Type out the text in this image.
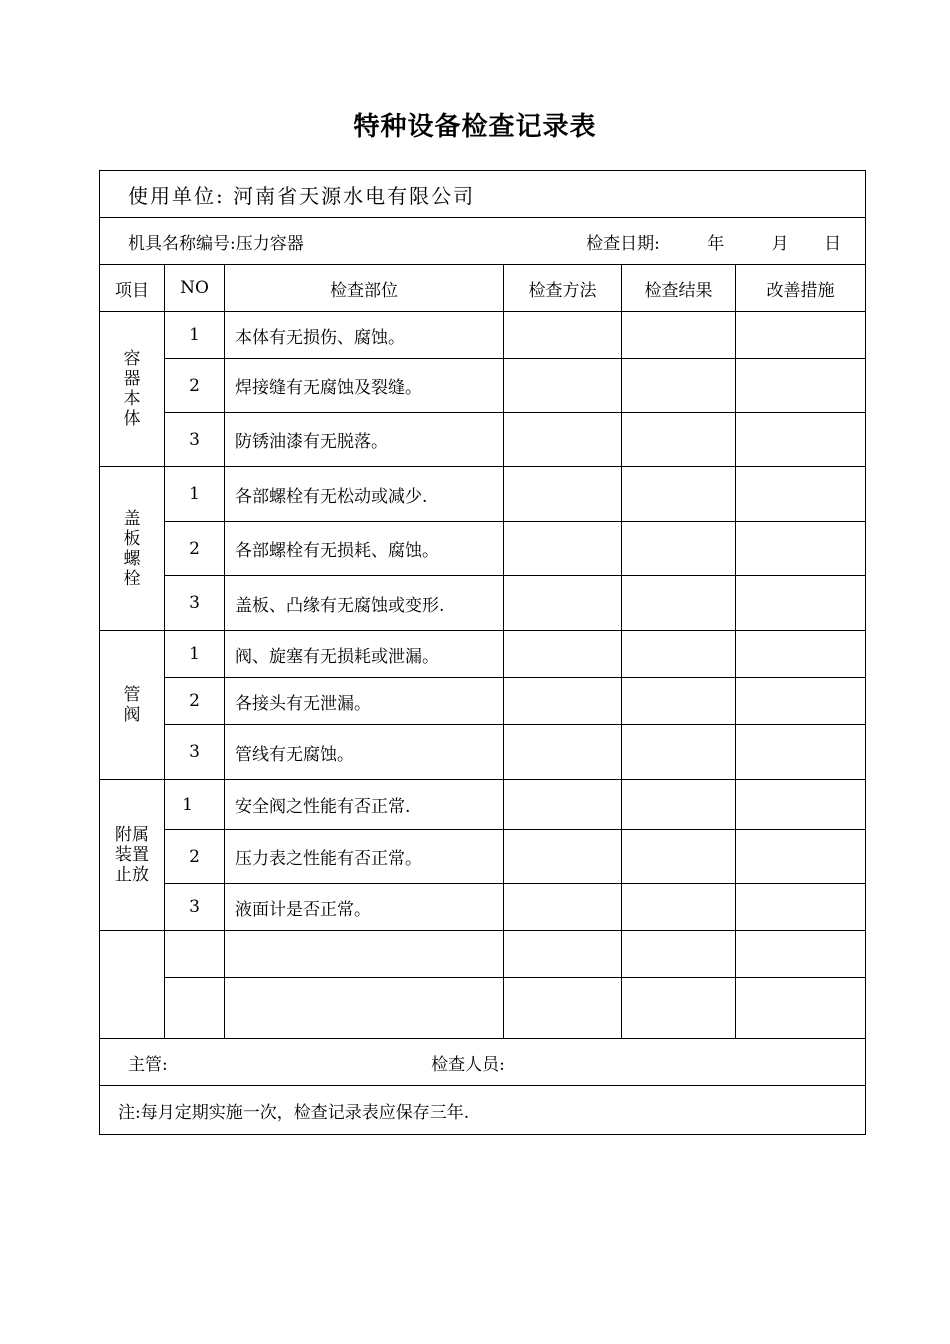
特种设备检查记录表
使用单位: 河南省天源水电有限公司					
机具名称编号:压力容器 检查日期: 年 月 日					

项目	NO	检查部位	检查方法	检查结果	改善措施
容器本体	1	本体有无损伤、腐蚀。			
	2	焊接缝有无腐蚀及裂缝。			
	3	防锈油漆有无脱落。			
盖板螺栓	1	各部螺栓有无松动或减少.			
	2	各部螺栓有无损耗、腐蚀。			
	3	盖板、凸缘有无腐蚀或变形.			
管阀	1	阀、旋塞有无损耗或泄漏。			
	2	各接头有无泄漏。			
	3	管线有无腐蚀。			
附属装置止放	1	安全阀之性能有否正常.			
	2	压力表之性能有否正常。			
	3	液面计是否正常。			

主管: 检查人员:					
注:每月定期实施一次，检查记录表应保存三年.					
